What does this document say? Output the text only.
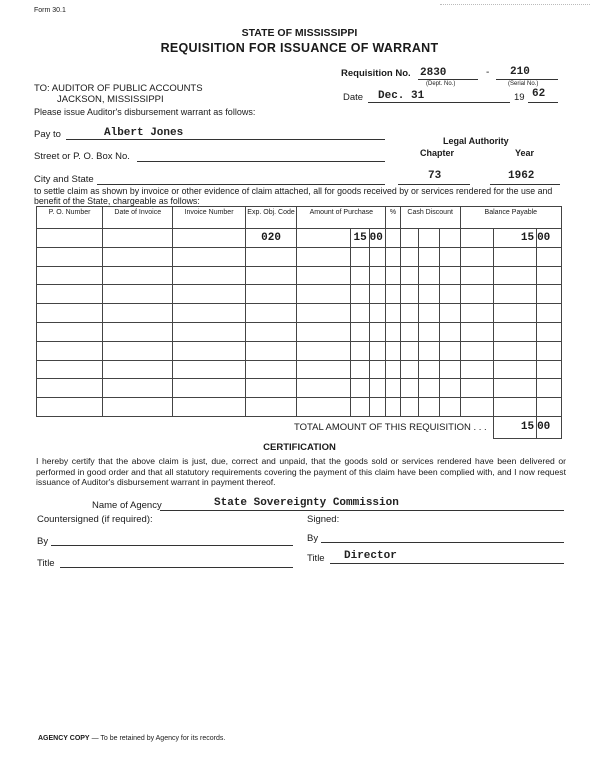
Form 30.1
STATE OF MISSISSIPPI
REQUISITION FOR ISSUANCE OF WARRANT
Requisition No. 2830	- 210
(Dept. No.)	(Serial No.)
TO: AUDITOR OF PUBLIC ACCOUNTS
JACKSON, MISSISSIPPI
Please issue Auditor's disbursement warrant as follows:
Date Dec. 31	19 62
Pay to	Albert Jones
Legal Authority
Chapter	Year
Street or P. O. Box No.
City and State	73	1962
to settle claim as shown by invoice or other evidence of claim attached, all for goods received by or services rendered for the use and benefit of the State, chargeable as follows:
P. O. Number	Date of Invoice	Invoice Number	Exp. Obj. Code	Amount of Purchase			%	Cash Discount			Balance Payable		
			020		15	00						15	00

TOTAL AMOUNT OF THIS REQUISITION . . .												15	00
CERTIFICATION
I hereby certify that the above claim is just, due, correct and unpaid, that the goods sold or services rendered have been delivered or performed in good order and that all statutory requirements covering the payment of this claim have been complied with, and I now request issuance of Auditor's disbursement warrant in payment thereof.
Name of Agency	State Sovereignty Commission
Countersigned (if required):	Signed:
By	By
Title	Title Director
AGENCY COPY — To be retained by Agency for its records.
